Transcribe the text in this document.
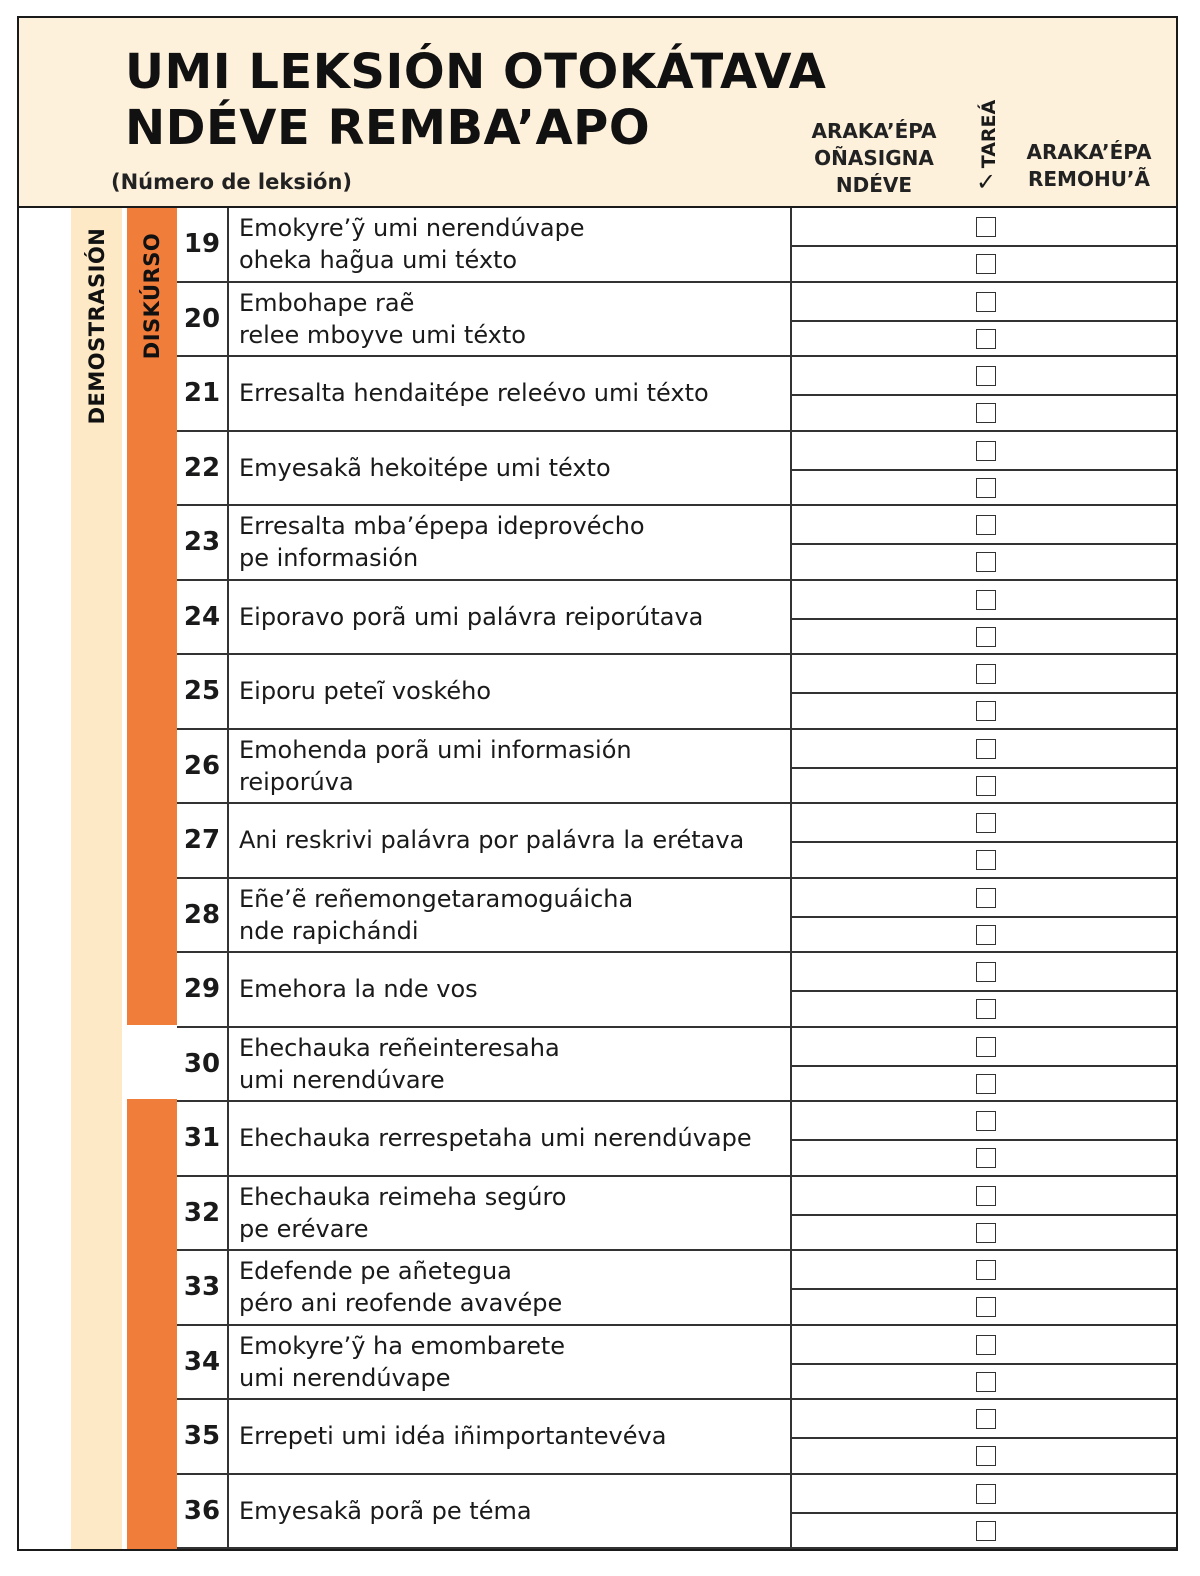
UMI LEKSIÓN OTOKÁTAVA
NDÉVE REMBA’APO
(Número de leksión)
ARAKA’ÉPA
OÑASIGNA
NDÉVE
TAREÁ
✓
ARAKA’ÉPA
REMOHU’Ã
DEMOSTRASIÓN DISKÚRSO 19
Emokyre’ỹ umi nerendúvape
oheka hag̃ua umi téxto
20
Embohape raẽ
relee mboyve umi téxto
21 Erresalta hendaitépe releévo umi téxto
22 Emyesakã hekoitépe umi téxto
23
Erresalta mba’épepa ideprovécho
pe informasión
24 Eiporavo porã umi palávra reiporútava
25 Eiporu peteĩ voského
26
Emohenda porã umi informasión
reiporúva
27 Ani reskrivi palávra por palávra la erétava
28
Eñe’ẽ reñemongetaramoguáicha
nde rapichándi
29 Emehora la nde vos
30
Ehechauka reñeinteresaha
umi nerendúvare
31 Ehechauka rerrespetaha umi nerendúvape
32
Ehechauka reimeha segúro
pe erévare
33
Edefende pe añetegua
péro ani reofende avavépe
34
Emokyre’ỹ ha emombarete
umi nerendúvape
35 Errepeti umi idéa iñimportantevéva
36 Emyesakã porã pe téma
